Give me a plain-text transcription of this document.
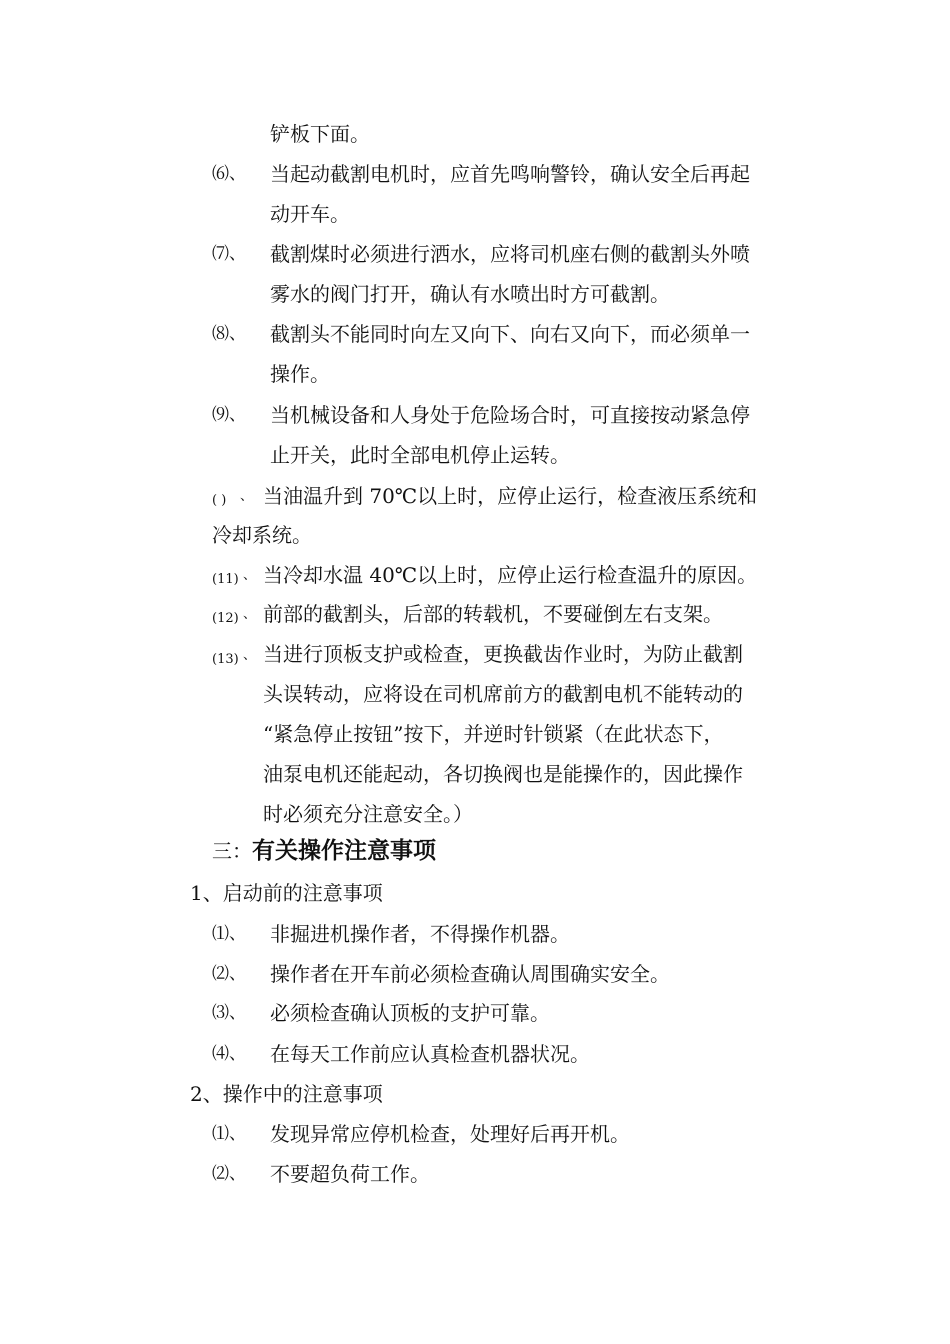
铲板下面。
⑹、 当起动截割电机时，应首先鸣响警铃，确认安全后再起
动开车。
⑺、 截割煤时必须进行洒水，应将司机座右侧的截割头外喷
雾水的阀门打开，确认有水喷出时方可截割。
⑻、 截割头不能同时向左又向下、向右又向下，而必须单一
操作。
⑼、 当机械设备和人身处于危险场合时，可直接按动紧急停
止开关，此时全部电机停止运转。
( ) 、 当油温升到 70℃以上时，应停止运行，检查液压系统和
冷却系统。
(11) 、 当冷却水温 40℃以上时，应停止运行检查温升的原因。
(12) 、 前部的截割头，后部的转载机，不要碰倒左右支架。
(13) 、 当进行顶板支护或检查，更换截齿作业时，为防止截割
头误转动，应将设在司机席前方的截割电机不能转动的
“紧急停止按钮”按下，并逆时针锁紧（在此状态下，
油泵电机还能起动，各切换阀也是能操作的，因此操作
时必须充分注意安全。）
三：有关操作注意事项
1、启动前的注意事项
⑴、 非掘进机操作者，不得操作机器。
⑵、 操作者在开车前必须检查确认周围确实安全。
⑶、 必须检查确认顶板的支护可靠。
⑷、 在每天工作前应认真检查机器状况。
2、操作中的注意事项
⑴、 发现异常应停机检查，处理好后再开机。
⑵、 不要超负荷工作。
